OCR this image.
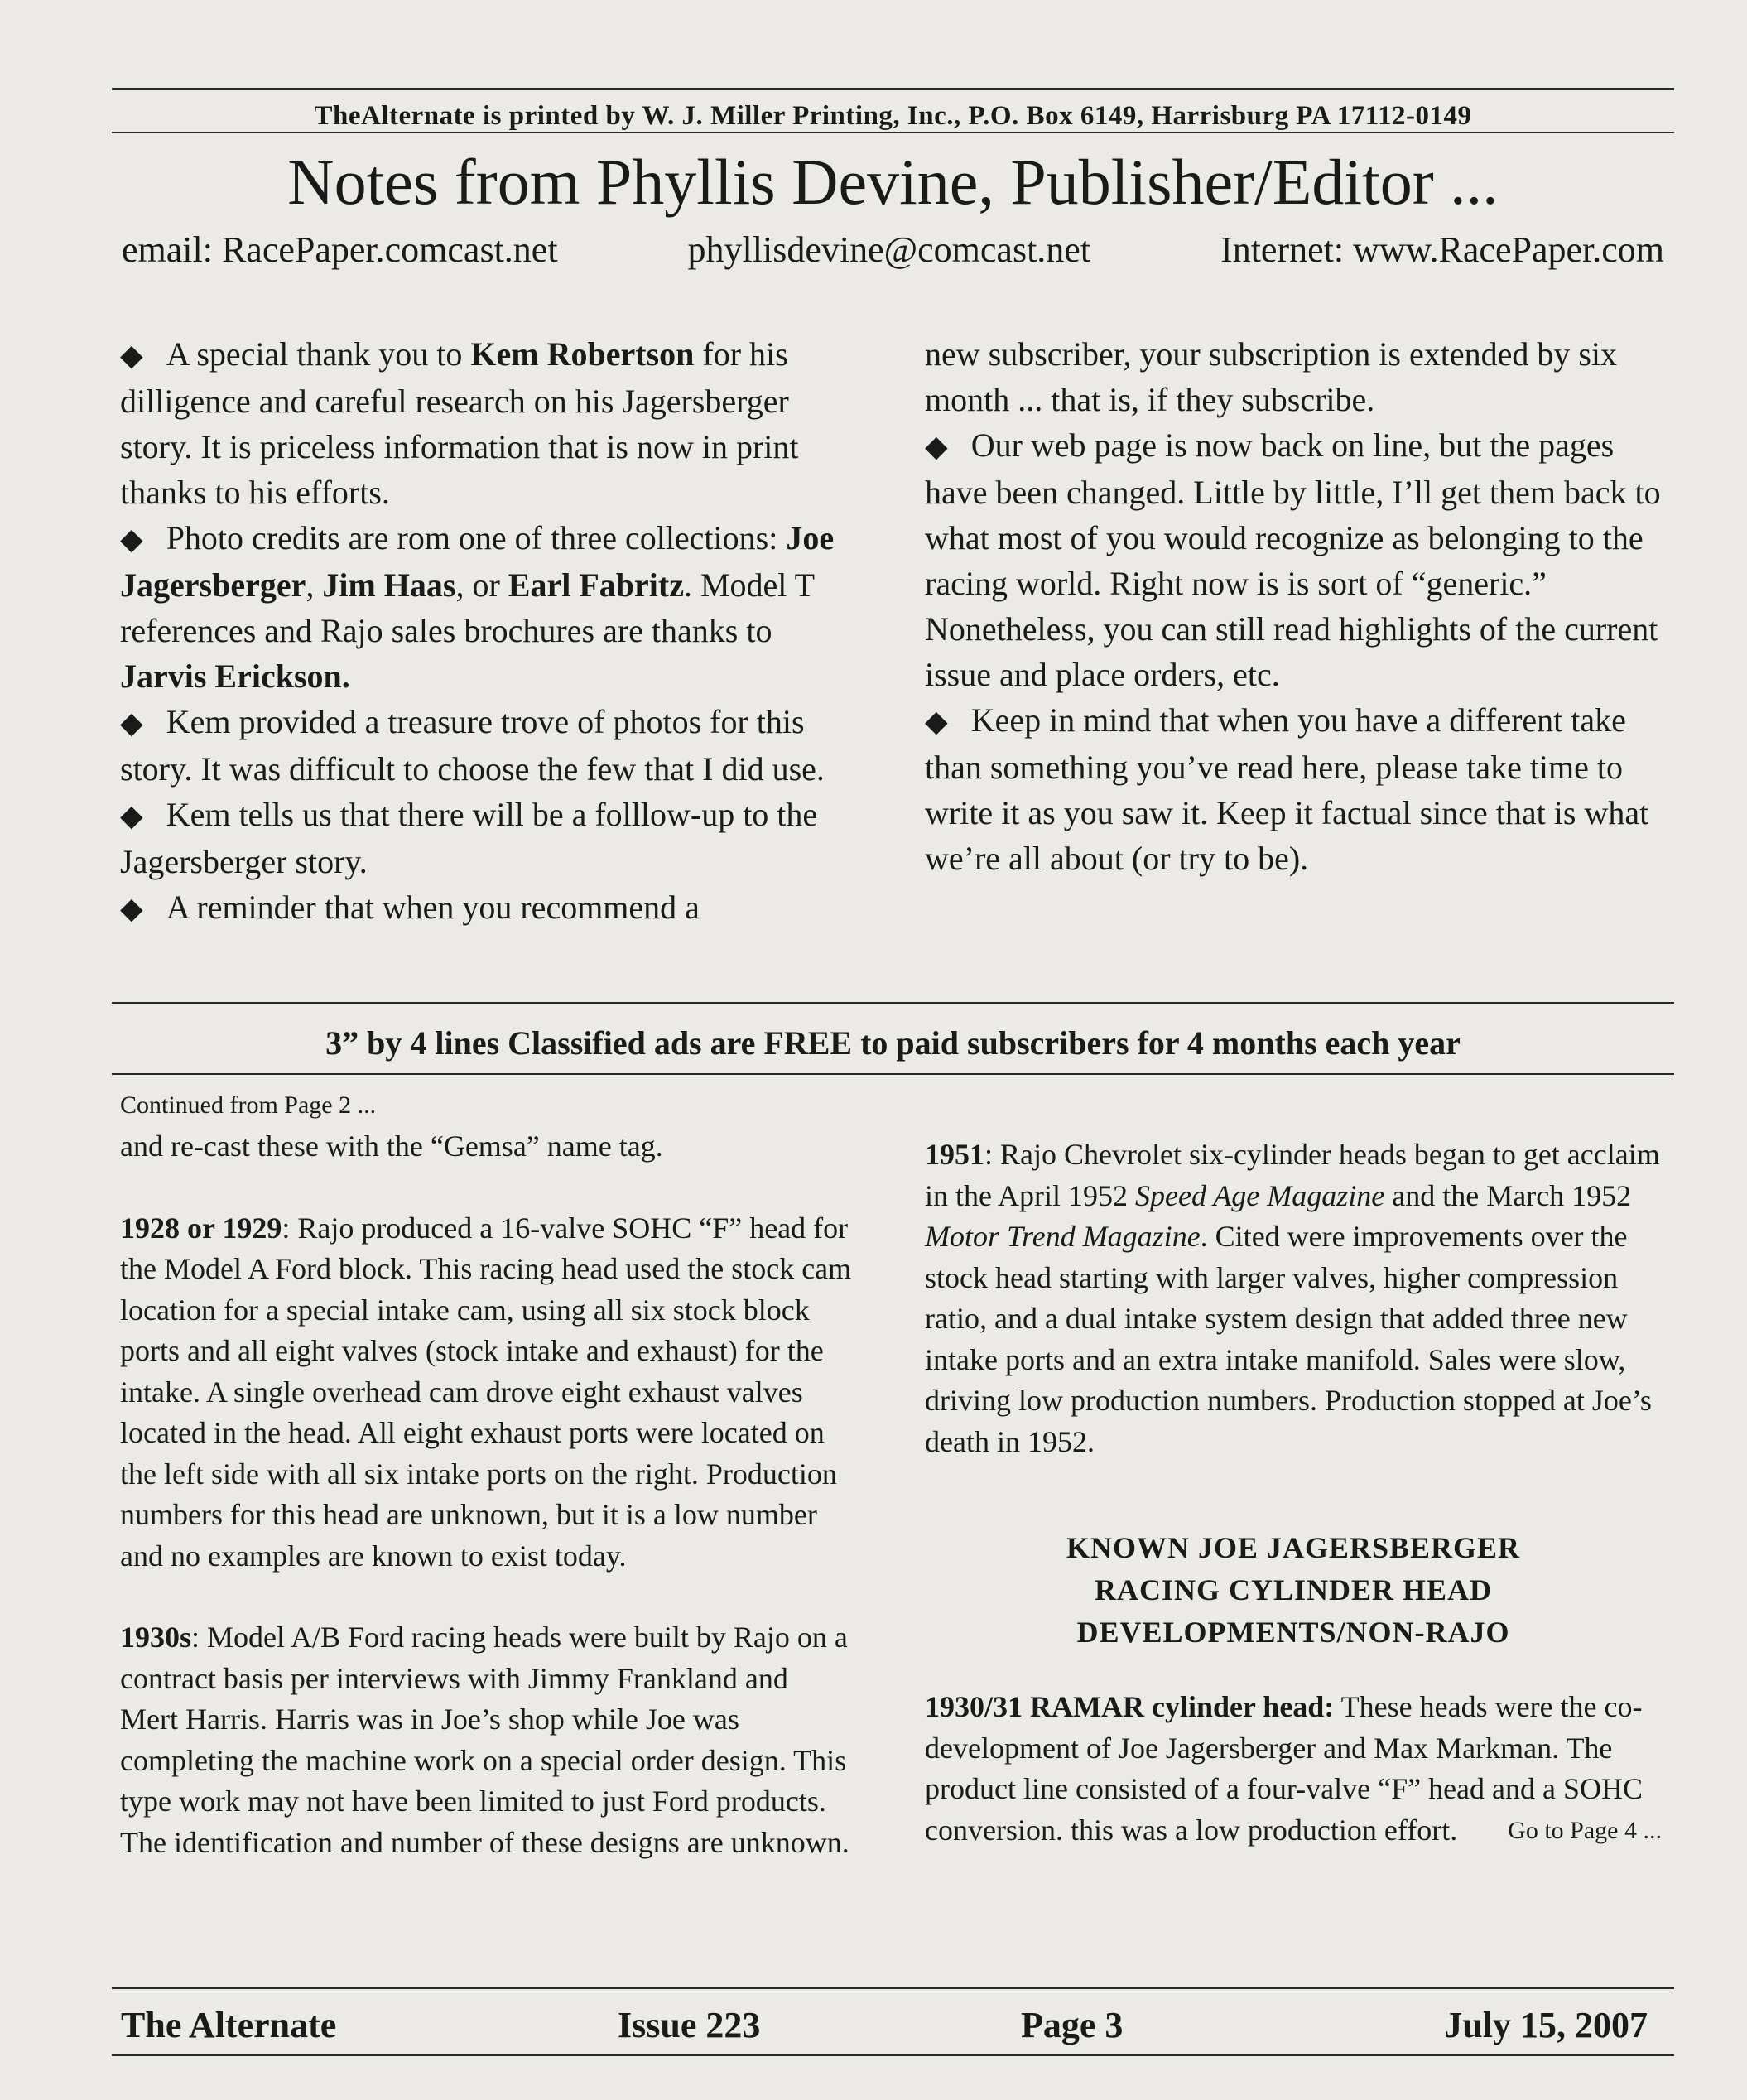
TheAlternate is printed by W. J. Miller Printing, Inc., P.O. Box 6149, Harrisburg PA 17112-0149
Notes from Phyllis Devine, Publisher/Editor ...
email: RacePaper.comcast.net	phyllisdevine@comcast.net	Internet: www.RacePaper.com

◆ A special thank you to Kem Robertson for his dilligence and careful research on his Jagersberger story. It is priceless information that is now in print thanks to his efforts.

◆ Photo credits are rom one of three collections: Joe Jagersberger, Jim Haas, or Earl Fabritz. Model T references and Rajo sales brochures are thanks to Jarvis Erickson.

◆ Kem provided a treasure trove of photos for this story. It was difficult to choose the few that I did use.

◆ Kem tells us that there will be a folllow-up to the Jagersberger story.

◆ A reminder that when you recommend a

new subscriber, your subscription is extended by six month ... that is, if they subscribe.

◆ Our web page is now back on line, but the pages have been changed. Little by little, I’ll get them back to what most of you would recognize as belonging to the racing world. Right now is is sort of “generic.” Nonetheless, you can still read highlights of the current issue and place orders, etc.

◆ Keep in mind that when you have a different take than something you’ve read here, please take time to write it as you saw it. Keep it factual since that is what we’re all about (or try to be).

3” by 4 lines Classified ads are FREE to paid subscribers for 4 months each year

Continued from Page 2 ...

and re-cast these with the “Gemsa” name tag.

1928 or 1929: Rajo produced a 16-valve SOHC “F” head for the Model A Ford block. This racing head used the stock cam location for a special intake cam, using all six stock block ports and all eight valves (stock intake and exhaust) for the intake. A single overhead cam drove eight exhaust valves located in the head. All eight exhaust ports were located on the left side with all six intake ports on the right. Production numbers for this head are unknown, but it is a low number and no examples are known to exist today.

1930s: Model A/B Ford racing heads were built by Rajo on a contract basis per interviews with Jimmy Frankland and Mert Harris. Harris was in Joe’s shop while Joe was completing the machine work on a special order design. This type work may not have been limited to just Ford products. The identification and number of these designs are unknown.

1951: Rajo Chevrolet six-cylinder heads began to get acclaim in the April 1952 Speed Age Magazine and the March 1952 Motor Trend Magazine. Cited were improvements over the stock head starting with larger valves, higher compression ratio, and a dual intake system design that added three new intake ports and an extra intake manifold. Sales were slow, driving low production numbers. Production stopped at Joe’s death in 1952.

KNOWN JOE JAGERSBERGER

RACING CYLINDER HEAD

DEVELOPMENTS/NON-RAJO

1930/31 RAMAR cylinder head: These heads were the co-development of Joe Jagersberger and Max Markman. The product line consisted of a four-valve “F” head and a SOHC conversion. this was a low production effort. Go to Page 4 ...

The Alternate	Issue 223	Page 3	July 15, 2007
